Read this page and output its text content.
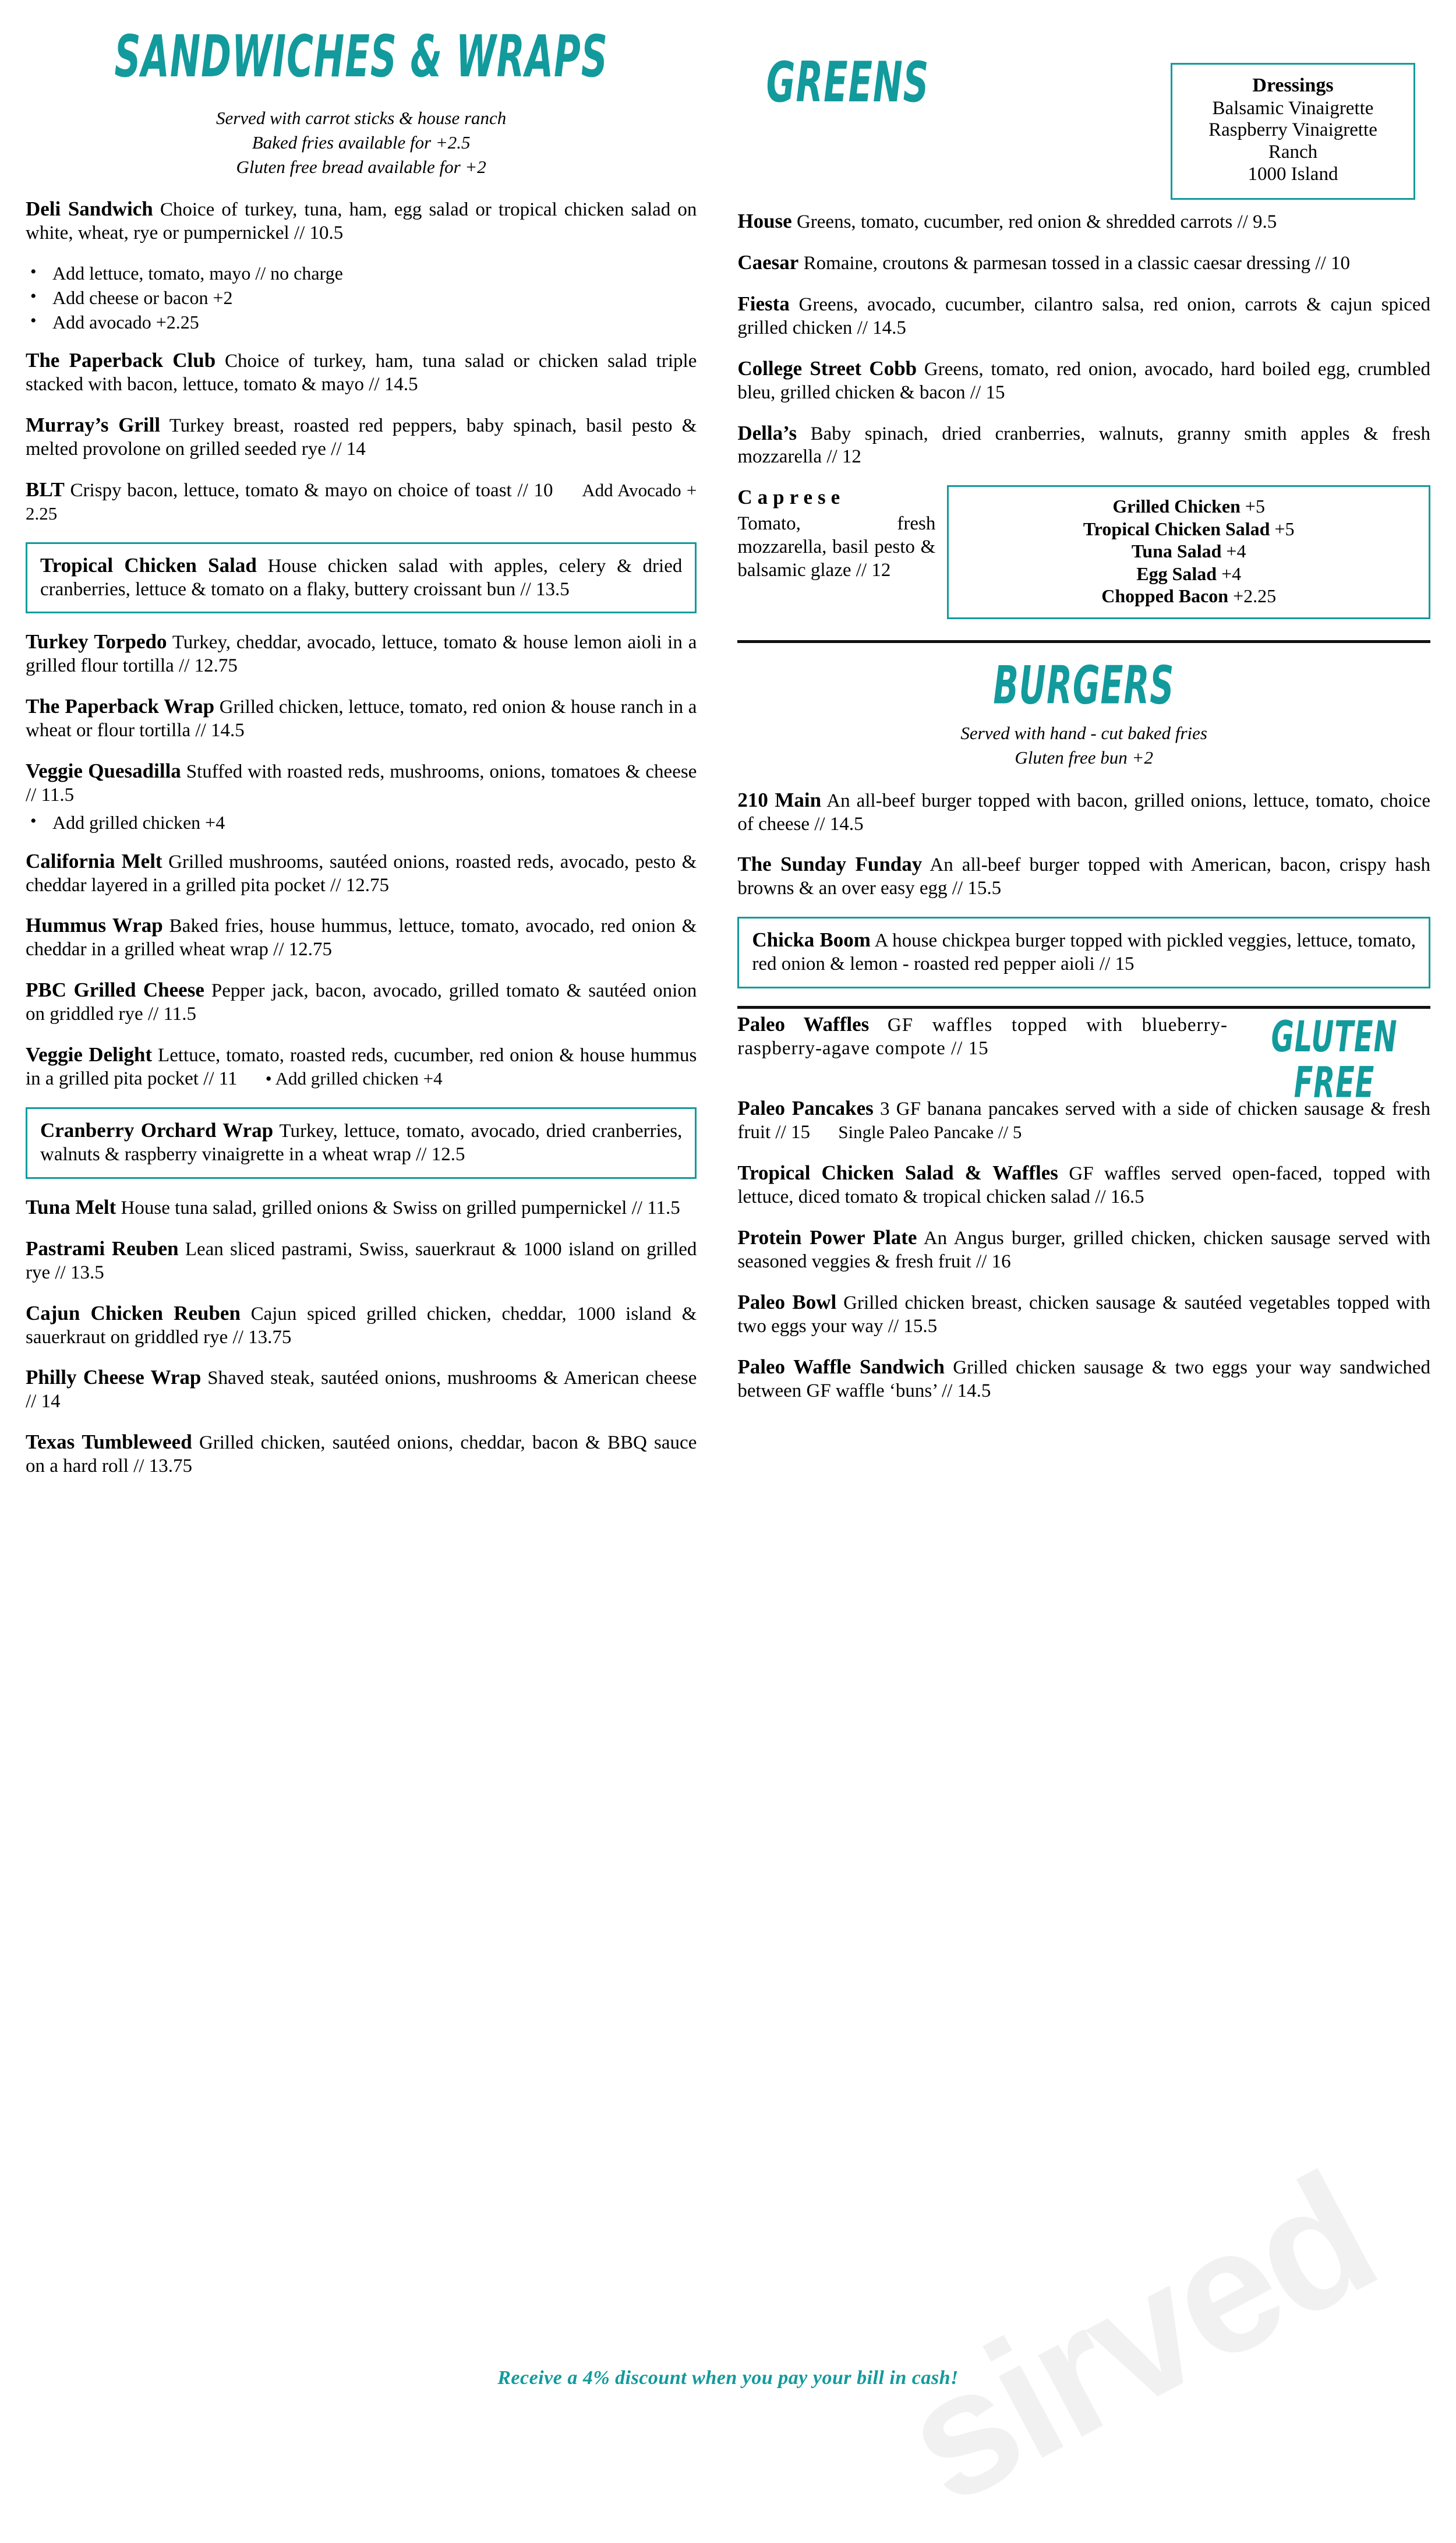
sirved
SANDWICHES & WRAPS
Served with carrot sticks & house ranch
Baked fries available for +2.5
Gluten free bread available for +2
Deli Sandwich Choice of turkey, tuna, ham, egg salad or tropical chicken salad on white, wheat, rye or pumpernickel // 10.5
• Add lettuce, tomato, mayo // no charge
• Add cheese or bacon +2
• Add avocado +2.25
The Paperback Club Choice of turkey, ham, tuna salad or chicken salad triple stacked with bacon, lettuce, tomato & mayo // 14.5
Murray’s Grill Turkey breast, roasted red peppers, baby spinach, basil pesto & melted provolone on grilled seeded rye // 14
BLT Crispy bacon, lettuce, tomato & mayo on choice of toast // 10 Add Avocado + 2.25
Tropical Chicken Salad House chicken salad with apples, celery & dried cranberries, lettuce & tomato on a flaky, buttery croissant bun // 13.5
Turkey Torpedo Turkey, cheddar, avocado, lettuce, tomato & house lemon aioli in a grilled flour tortilla // 12.75
The Paperback Wrap Grilled chicken, lettuce, tomato, red onion & house ranch in a wheat or flour tortilla // 14.5
Veggie Quesadilla Stuffed with roasted reds, mushrooms, onions, tomatoes & cheese // 11.5
• Add grilled chicken +4
California Melt Grilled mushrooms, sautéed onions, roasted reds, avocado, pesto & cheddar layered in a grilled pita pocket // 12.75
Hummus Wrap Baked fries, house hummus, lettuce, tomato, avocado, red onion & cheddar in a grilled wheat wrap // 12.75
PBC Grilled Cheese Pepper jack, bacon, avocado, grilled tomato & sautéed onion on griddled rye // 11.5
Veggie Delight Lettuce, tomato, roasted reds, cucumber, red onion & house hummus in a grilled pita pocket // 11 • Add grilled chicken +4
Cranberry Orchard Wrap Turkey, lettuce, tomato, avocado, dried cranberries, walnuts & raspberry vinaigrette in a wheat wrap // 12.5
Tuna Melt House tuna salad, grilled onions & Swiss on grilled pumpernickel // 11.5
Pastrami Reuben Lean sliced pastrami, Swiss, sauerkraut & 1000 island on grilled rye // 13.5
Cajun Chicken Reuben Cajun spiced grilled chicken, cheddar, 1000 island & sauerkraut on griddled rye // 13.75
Philly Cheese Wrap Shaved steak, sautéed onions, mushrooms & American cheese // 14
Texas Tumbleweed Grilled chicken, sautéed onions, cheddar, bacon & BBQ sauce on a hard roll // 13.75
GREENS	Dressings
Balsamic Vinaigrette
Raspberry Vinaigrette
Ranch
1000 Island
House Greens, tomato, cucumber, red onion & shredded carrots // 9.5
Caesar Romaine, croutons & parmesan tossed in a classic caesar dressing // 10
Fiesta Greens, avocado, cucumber, cilantro salsa, red onion, carrots & cajun spiced grilled chicken // 14.5
College Street Cobb Greens, tomato, red onion, avocado, hard boiled egg, crumbled bleu, grilled chicken & bacon // 15
Della’s Baby spinach, dried cranberries, walnuts, granny smith apples & fresh mozzarella // 12
Caprese
Tomato, fresh mozzarella, basil pesto & balsamic glaze // 12
Grilled Chicken +5
Tropical Chicken Salad +5
Tuna Salad +4
Egg Salad +4
Chopped Bacon +2.25
BURGERS
Served with hand - cut baked fries
Gluten free bun +2
210 Main An all-beef burger topped with bacon, grilled onions, lettuce, tomato, choice of cheese // 14.5
The Sunday Funday An all-beef burger topped with American, bacon, crispy hash browns & an over easy egg // 15.5
Chicka Boom A house chickpea burger topped with pickled veggies, lettuce, tomato, red onion & lemon - roasted red pepper aioli // 15
Paleo Waffles GF waffles topped with blueberry-raspberry-agave compote // 15	GLUTEN
FREE
Paleo Pancakes 3 GF banana pancakes served with a side of chicken sausage & fresh fruit // 15 Single Paleo Pancake // 5
Tropical Chicken Salad & Waffles GF waffles served open-faced, topped with lettuce, diced tomato & tropical chicken salad // 16.5
Protein Power Plate An Angus burger, grilled chicken, chicken sausage served with seasoned veggies & fresh fruit // 16
Paleo Bowl Grilled chicken breast, chicken sausage & sautéed vegetables topped with two eggs your way // 15.5
Paleo Waffle Sandwich Grilled chicken sausage & two eggs your way sandwiched between GF waffle ‘buns’ // 14.5
Receive a 4% discount when you pay your bill in cash!
